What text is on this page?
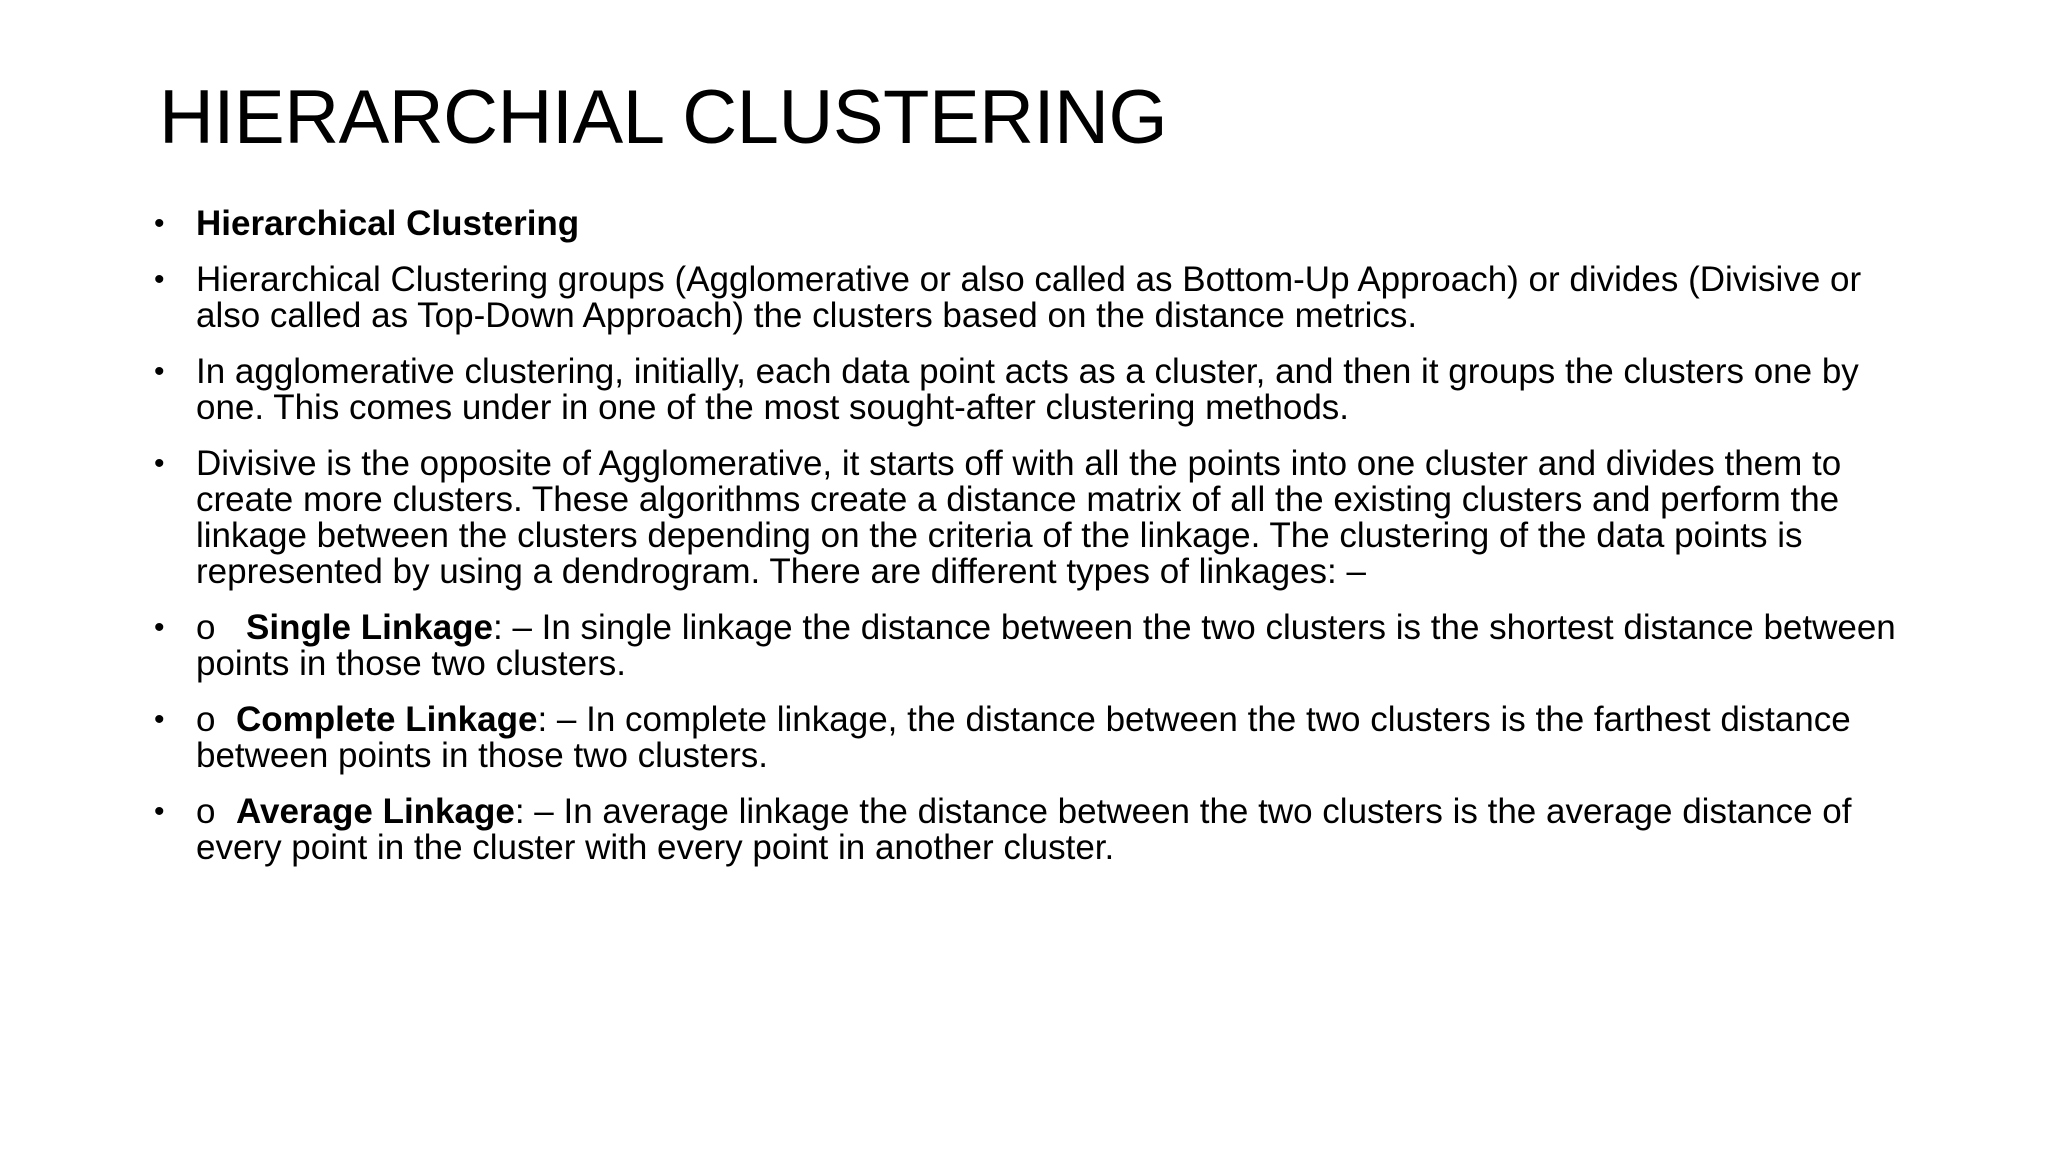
HIERARCHIAL CLUSTERING
• Hierarchical Clustering
• Hierarchical Clustering groups (Agglomerative or also called as Bottom-Up Approach) or divides (Divisive or also called as Top-Down Approach) the clusters based on the distance metrics.
• In agglomerative clustering, initially, each data point acts as a cluster, and then it groups the clusters one by one. This comes under in one of the most sought-after clustering methods.
• Divisive is the opposite of Agglomerative, it starts off with all the points into one cluster and divides them to create more clusters. These algorithms create a distance matrix of all the existing clusters and perform the linkage between the clusters depending on the criteria of the linkage. The clustering of the data points is represented by using a dendrogram. There are different types of linkages: –
• o Single Linkage: – In single linkage the distance between the two clusters is the shortest distance between points in those two clusters.
• o Complete Linkage: – In complete linkage, the distance between the two clusters is the farthest distance between points in those two clusters.
• o Average Linkage: – In average linkage the distance between the two clusters is the average distance of every point in the cluster with every point in another cluster.
